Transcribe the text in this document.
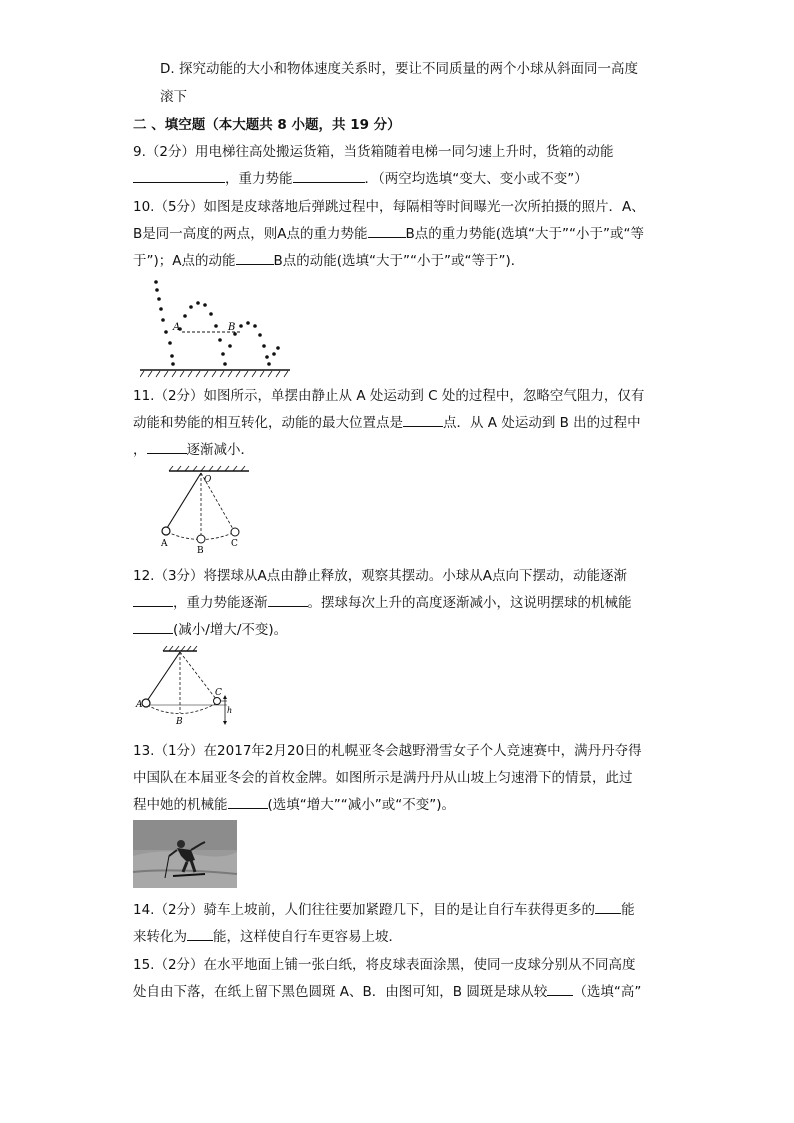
D. 探究动能的大小和物体速度关系时，要让不同质量的两个小球从斜面同一高度
滚下
二 、填空题（本大题共 8 小题，共 19 分）
9.（2分）用电梯往高处搬运货箱，当货箱随着电梯一同匀速上升时，货箱的动能
，重力势能	．（两空均选填“变大、变小或不变”）
10.（5分）如图是皮球落地后弹跳过程中，每隔相等时间曝光一次所拍摄的照片．A、
B是同一高度的两点，则A点的重力势能	B点的重力势能(选填“大于”“小于”或“等
于”)；A点的动能	B点的动能(选填“大于”“小于”或“等于”)．
A	B
11.（2分）如图所示，单摆由静止从 A 处运动到 C 处的过程中，忽略空气阻力，仅有
动能和势能的相互转化，动能的最大位置点是	点．从 A 处运动到 B 出的过程中
，	逐渐减小．
O
A
B
C
12.（3分）将摆球从A点由静止释放，观察其摆动。小球从A点向下摆动，动能逐渐
，重力势能逐渐	。摆球每次上升的高度逐渐减小，这说明摆球的机械能
(减小/增大/不变)。
A
B
C
h
13.（1分）在2017年2月20日的札幌亚冬会越野滑雪女子个人竞速赛中，满丹丹夺得
中国队在本届亚冬会的首枚金牌。如图所示是满丹丹从山坡上匀速滑下的情景，此过
程中她的机械能	(选填“增大”“减小”或“不变”)。
14.（2分）骑车上坡前，人们往往要加紧蹬几下，目的是让自行车获得更多的 能
来转化为 能，这样使自行车更容易上坡．
15.（2分）在水平地面上铺一张白纸，将皮球表面涂黑，使同一皮球分别从不同高度
处自由下落，在纸上留下黑色圆斑 A、B．由图可知，B 圆斑是球从较 （选填“高”
